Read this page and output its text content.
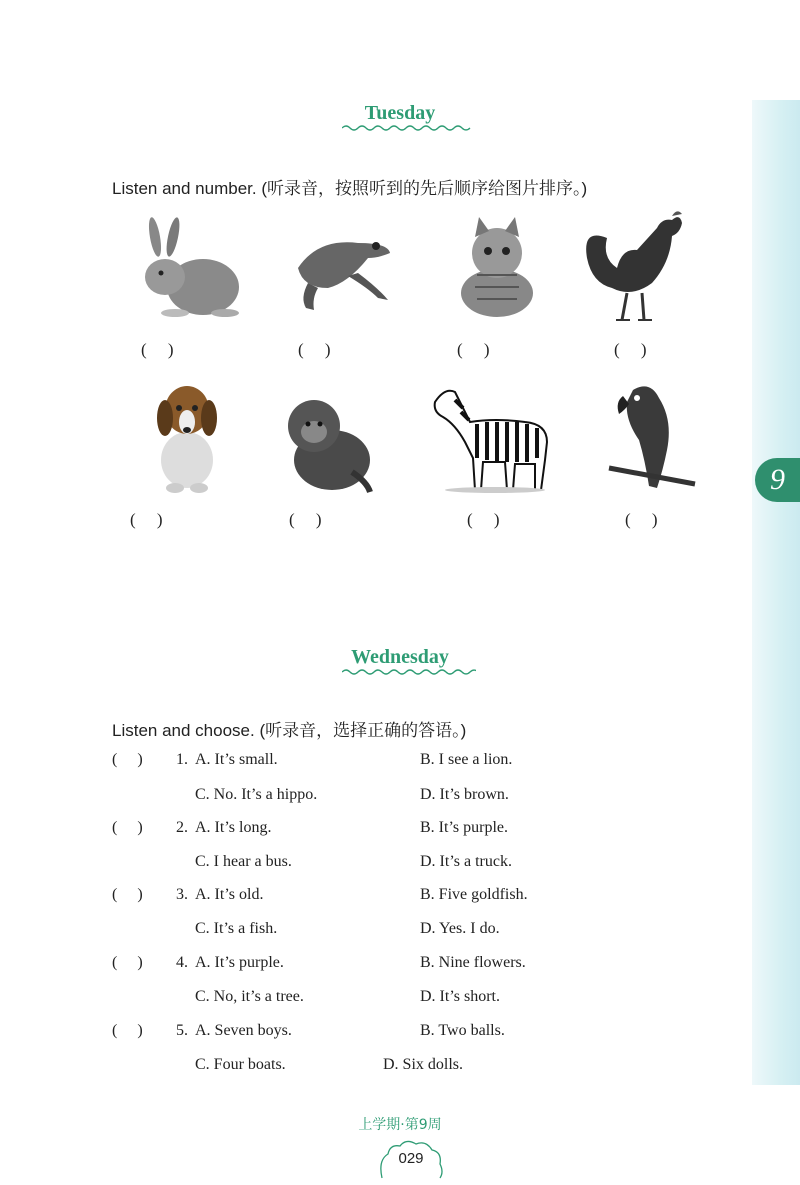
9
Tuesday
Listen and number. (听录音，按照听到的先后顺序给图片排序。)
(     )	(     )	(     )	(     )
(     )	(     )	(     )	(     )
Wednesday
Listen and choose. (听录音，选择正确的答语。)
(     ) 1. A. It’s small.	B. I see a lion.
C. No. It’s a hippo.	D. It’s brown.
(     ) 2. A. It’s long.	B. It’s purple.
C. I hear a bus.	D. It’s a truck.
(     ) 3. A. It’s old.	B. Five goldfish.
C. It’s a fish.	D. Yes. I do.
(     ) 4. A. It’s purple.	B. Nine flowers.
C. No, it’s a tree.	D. It’s short.
(     ) 5. A. Seven boys.	B. Two balls.
C. Four boats.	D. Six dolls.
上学期·第9周
029
